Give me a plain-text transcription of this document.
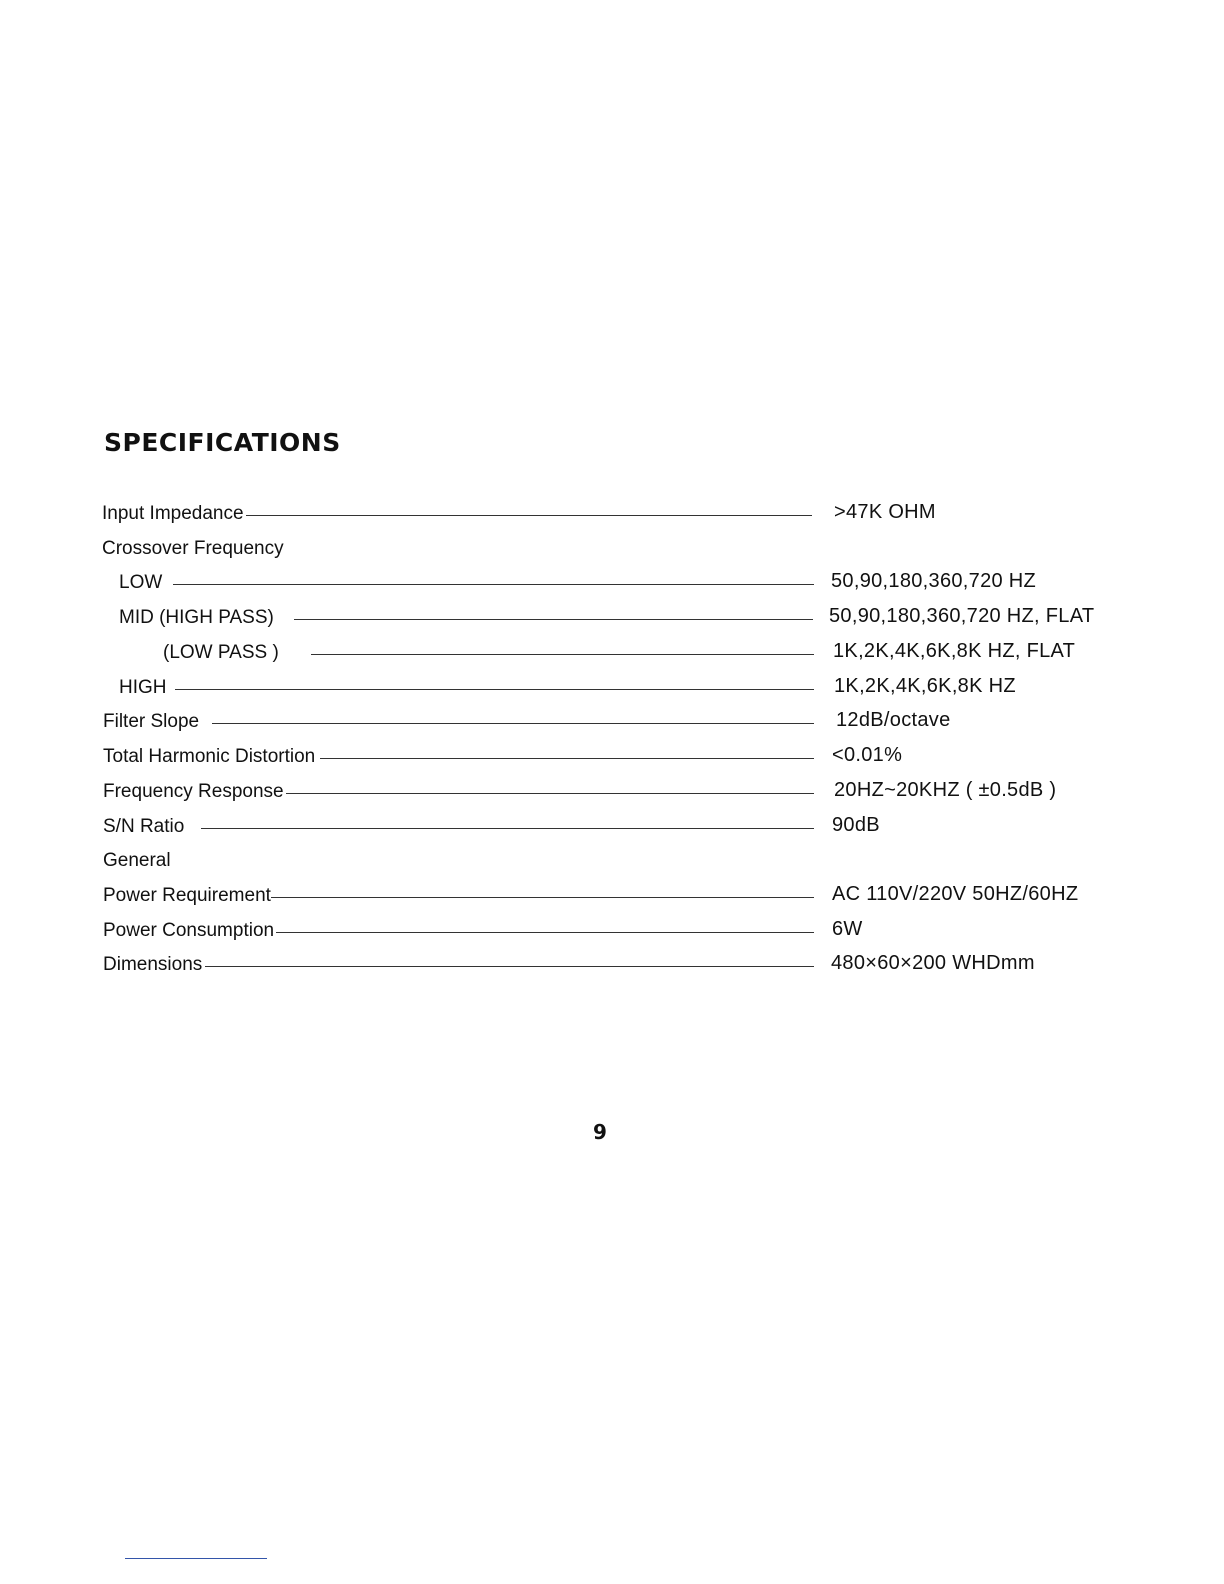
SPECIFICATIONS
Input Impedance	>47K OHM
Crossover Frequency
LOW	50,90,180,360,720 HZ
MID (HIGH PASS)	50,90,180,360,720 HZ, FLAT
(LOW PASS )	1K,2K,4K,6K,8K HZ, FLAT
HIGH	1K,2K,4K,6K,8K HZ
Filter Slope	12dB/octave
Total Harmonic Distortion	<0.01%
Frequency Response	20HZ~20KHZ ( ±0.5dB )
S/N Ratio	90dB
General
Power Requirement	AC 110V/220V 50HZ/60HZ
Power Consumption	6W
Dimensions	480×60×200 WHDmm
9
